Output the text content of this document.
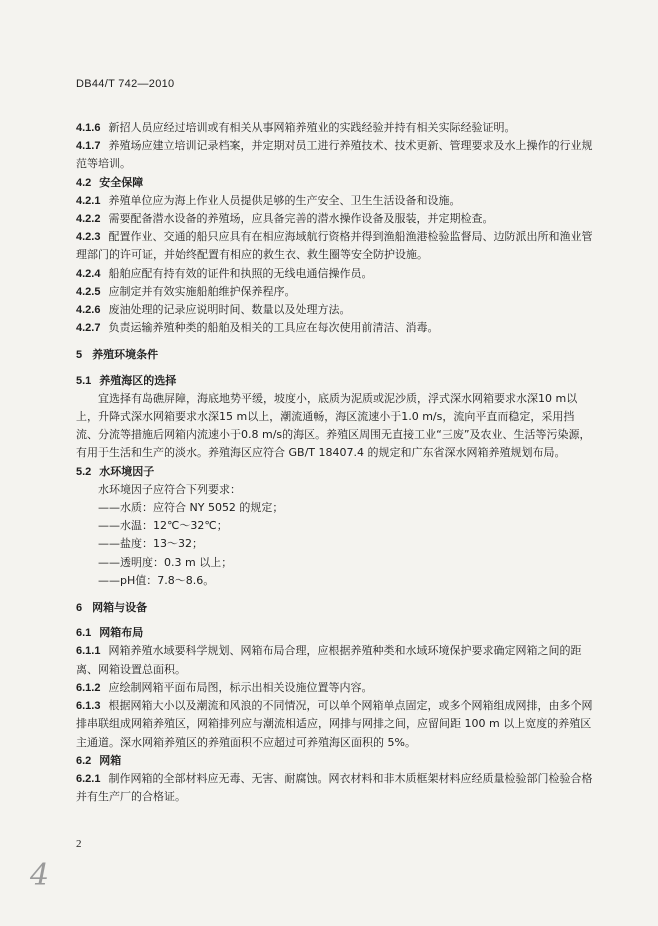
DB44/T 742—2010
4.1.6 新招人员应经过培训或有相关从事网箱养殖业的实践经验并持有相关实际经验证明。
4.1.7 养殖场应建立培训记录档案，并定期对员工进行养殖技术、技术更新、管理要求及水上操作的行业规范等培训。
4.2 安全保障
4.2.1 养殖单位应为海上作业人员提供足够的生产安全、卫生生活设备和设施。
4.2.2 需要配备潜水设备的养殖场，应具备完善的潜水操作设备及服装，并定期检查。
4.2.3 配置作业、交通的船只应具有在相应海域航行资格并得到渔船渔港检验监督局、边防派出所和渔业管理部门的许可证，并始终配置有相应的救生衣、救生圈等安全防护设施。
4.2.4 船舶应配有持有效的证件和执照的无线电通信操作员。
4.2.5 应制定并有效实施船舶维护保养程序。
4.2.6 废油处理的记录应说明时间、数量以及处理方法。
4.2.7 负责运输养殖种类的船舶及相关的工具应在每次使用前清洁、消毒。
5 养殖环境条件
5.1 养殖海区的选择
宜选择有岛礁屏障，海底地势平缓，坡度小，底质为泥质或泥沙质，浮式深水网箱要求水深10 m以上，升降式深水网箱要求水深15 m以上，潮流通畅，海区流速小于1.0 m/s，流向平直而稳定，采用挡流、分流等措施后网箱内流速小于0.8 m/s的海区。养殖区周围无直接工业“三废”及农业、生活等污染源，有用于生活和生产的淡水。养殖海区应符合 GB/T 18407.4 的规定和广东省深水网箱养殖规划布局。
5.2 水环境因子
水环境因子应符合下列要求：
——水质：应符合 NY 5052 的规定；
——水温：12℃～32℃；
——盐度：13～32；
——透明度：0.3 m 以上；
——pH值：7.8～8.6。
6 网箱与设备
6.1 网箱布局
6.1.1 网箱养殖水域要科学规划、网箱布局合理，应根据养殖种类和水域环境保护要求确定网箱之间的距离、网箱设置总面积。
6.1.2 应绘制网箱平面布局图，标示出相关设施位置等内容。
6.1.3 根据网箱大小以及潮流和风浪的不同情况，可以单个网箱单点固定，或多个网箱组成网排，由多个网排串联组成网箱养殖区，网箱排列应与潮流相适应，网排与网排之间，应留间距 100 m 以上宽度的养殖区主通道。深水网箱养殖区的养殖面积不应超过可养殖海区面积的 5%。
6.2 网箱
6.2.1 制作网箱的全部材料应无毒、无害、耐腐蚀。网衣材料和非木质框架材料应经质量检验部门检验合格并有生产厂的合格证。
2
4
